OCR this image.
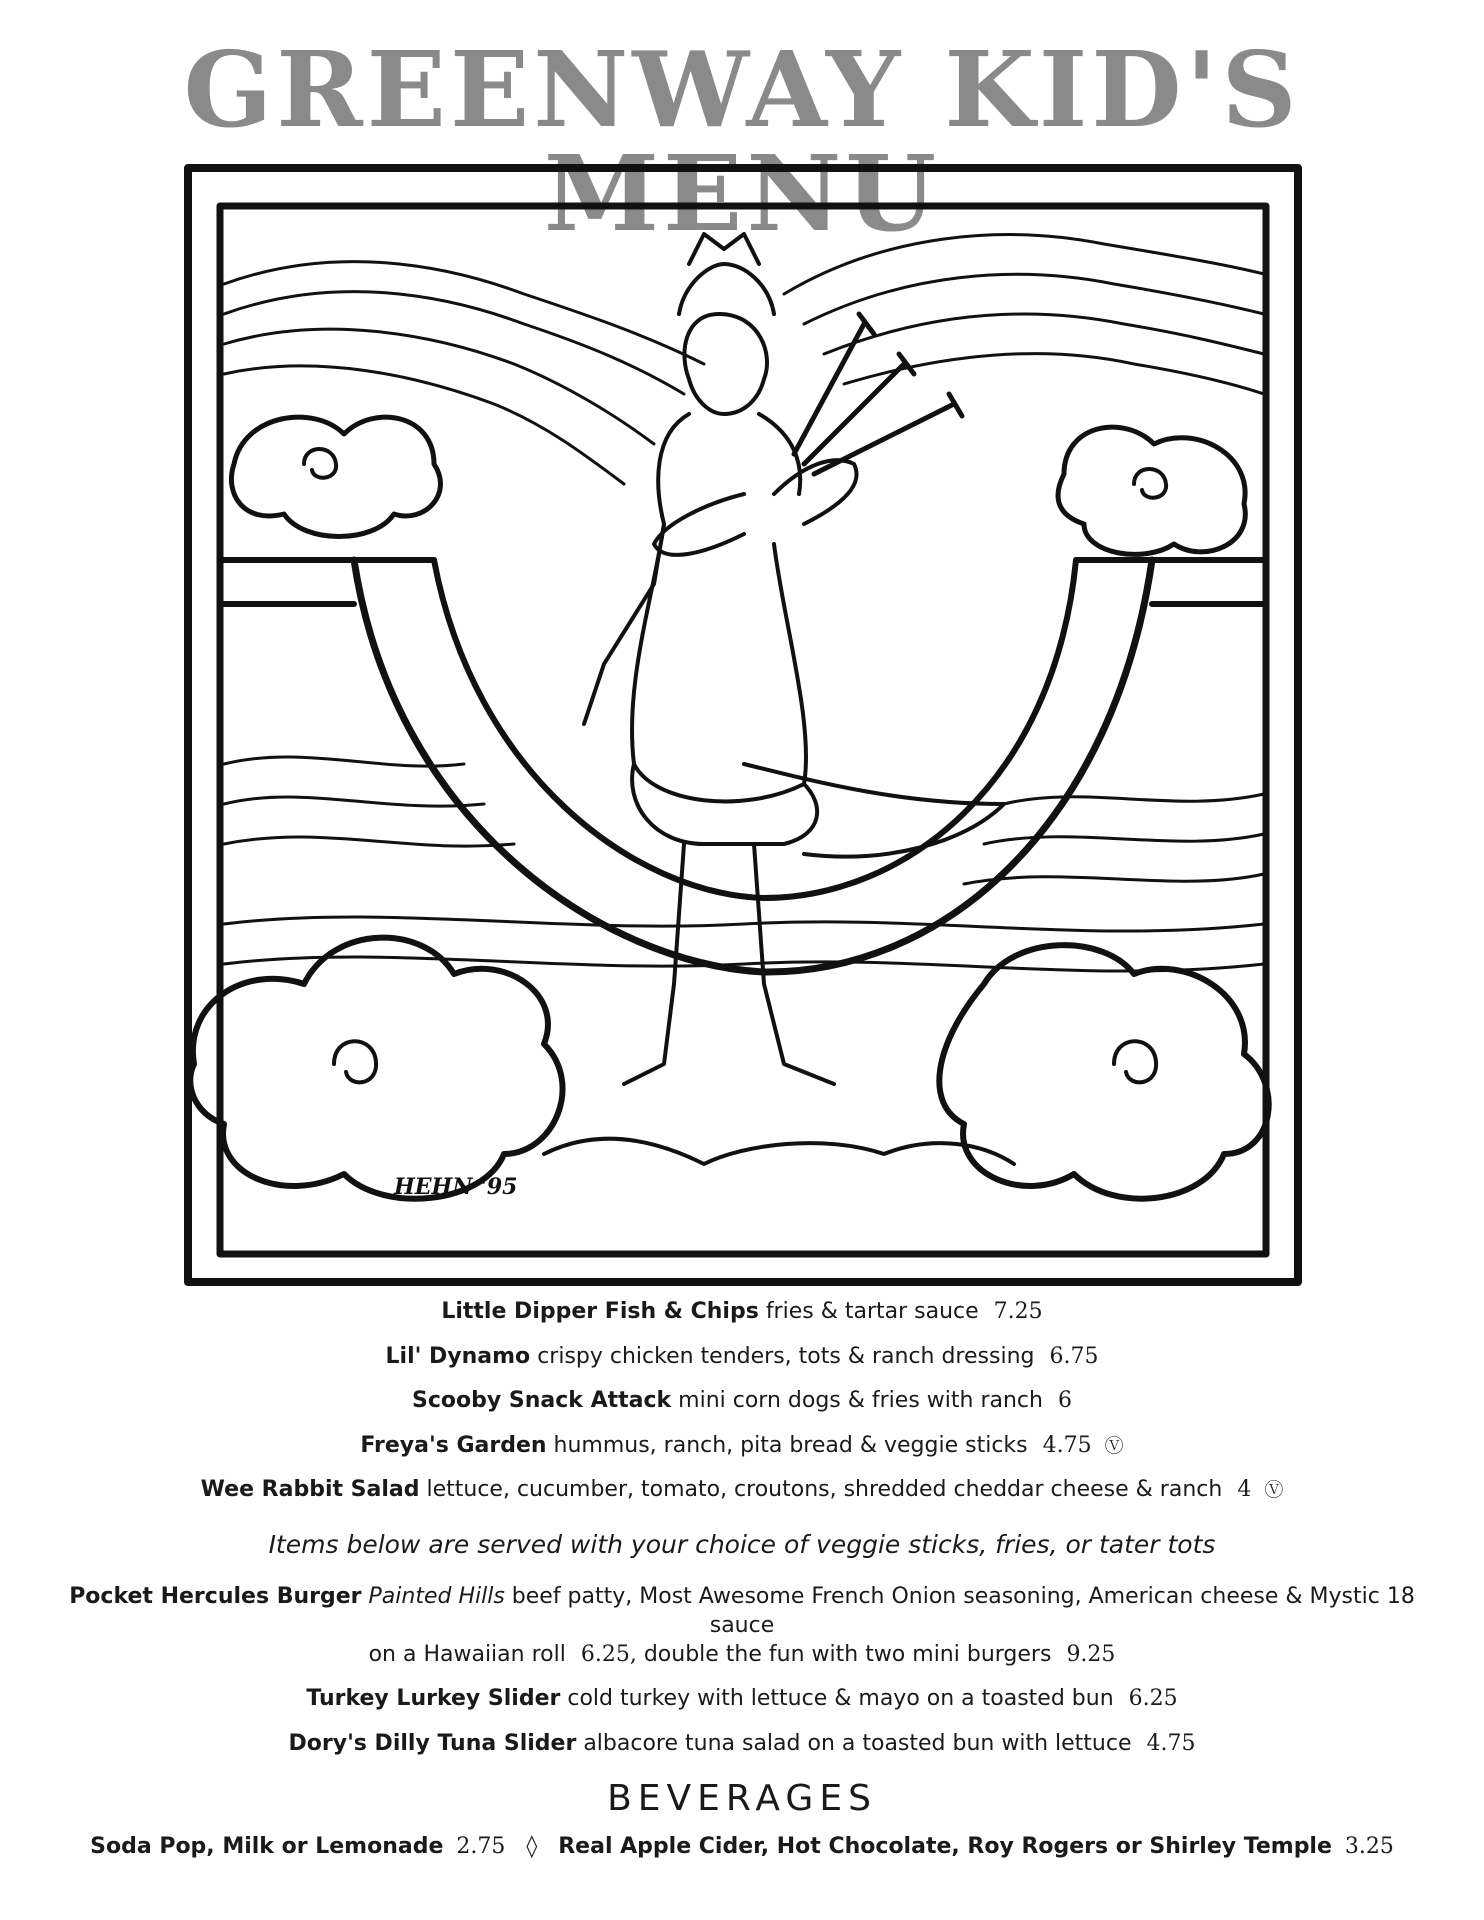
GREENWAY KID'S MENU
HEHN '95
Little Dipper Fish & Chips fries & tartar sauce 7.25
Lil' Dynamo crispy chicken tenders, tots & ranch dressing 6.75
Scooby Snack Attack mini corn dogs & fries with ranch 6
Freya's Garden hummus, ranch, pita bread & veggie sticks 4.75 Ⓥ
Wee Rabbit Salad lettuce, cucumber, tomato, croutons, shredded cheddar cheese & ranch 4 Ⓥ
Items below are served with your choice of veggie sticks, fries, or tater tots
Pocket Hercules Burger Painted Hills beef patty, Most Awesome French Onion seasoning, American cheese & Mystic 18 sauce
on a Hawaiian roll 6.25, double the fun with two mini burgers 9.25
Turkey Lurkey Slider cold turkey with lettuce & mayo on a toasted bun 6.25
Dory's Dilly Tuna Slider albacore tuna salad on a toasted bun with lettuce 4.75
BEVERAGES
Soda Pop, Milk or Lemonade 2.75 ◊ Real Apple Cider, Hot Chocolate, Roy Rogers or Shirley Temple 3.25
